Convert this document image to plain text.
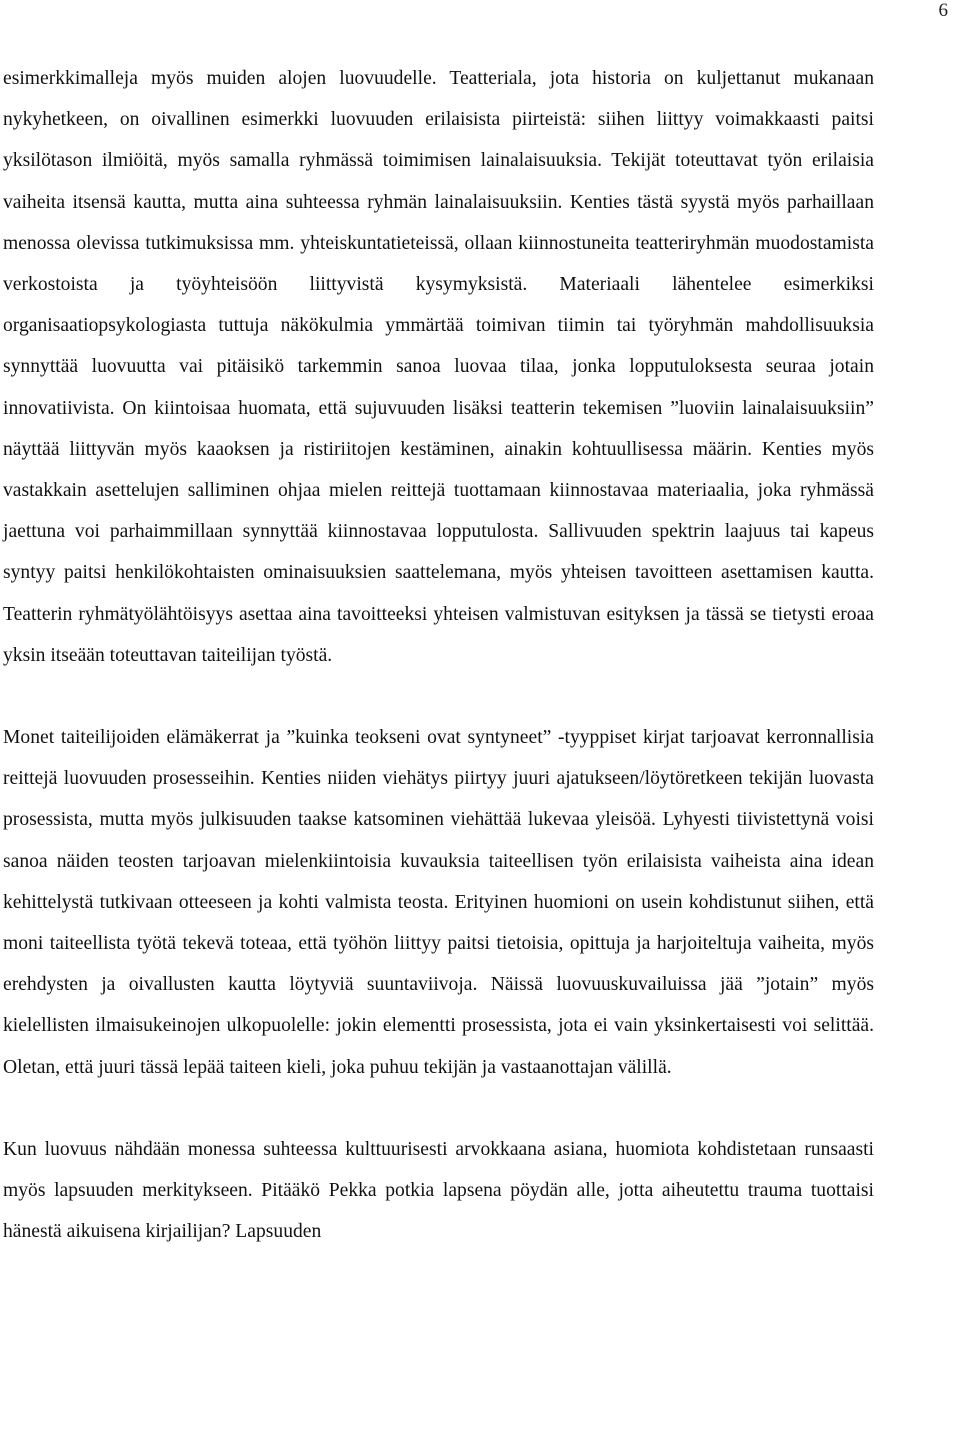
6

esimerkkimalleja myös muiden alojen luovuudelle. Teatteriala, jota historia on kuljettanut mukanaan nykyhetkeen, on oivallinen esimerkki luovuuden erilaisista piirteistä: siihen liittyy voimakkaasti paitsi yksilötason ilmiöitä, myös samalla ryhmässä toimimisen lainalaisuuksia. Tekijät toteuttavat työn erilaisia vaiheita itsensä kautta, mutta aina suhteessa ryhmän lainalaisuuksiin. Kenties tästä syystä myös parhaillaan menossa olevissa tutkimuksissa mm. yhteiskuntatieteissä, ollaan kiinnostuneita teatteriryhmän muodostamista verkostoista ja työyhteisöön liittyvistä kysymyksistä. Materiaali lähentelee esimerkiksi organisaatiopsykologiasta tuttuja näkökulmia ymmärtää toimivan tiimin tai työryhmän mahdollisuuksia synnyttää luovuutta vai pitäisikö tarkemmin sanoa luovaa tilaa, jonka lopputuloksesta seuraa jotain innovatiivista. On kiintoisaa huomata, että sujuvuuden lisäksi teatterin tekemisen ”luoviin lainalaisuuksiin” näyttää liittyvän myös kaaoksen ja ristiriitojen kestäminen, ainakin kohtuullisessa määrin. Kenties myös vastakkain asettelujen salliminen ohjaa mielen reittejä tuottamaan kiinnostavaa materiaalia, joka ryhmässä jaettuna voi parhaimmillaan synnyttää kiinnostavaa lopputulosta. Sallivuuden spektrin laajuus tai kapeus syntyy paitsi henkilökohtaisten ominaisuuksien saattelemana, myös yhteisen tavoitteen asettamisen kautta. Teatterin ryhmätyölähtöisyys asettaa aina tavoitteeksi yhteisen valmistuvan esityksen ja tässä se tietysti eroaa yksin itseään toteuttavan taiteilijan työstä.

Monet taiteilijoiden elämäkerrat ja ”kuinka teokseni ovat syntyneet” -tyyppiset kirjat tarjoavat kerronnallisia reittejä luovuuden prosesseihin. Kenties niiden viehätys piirtyy juuri ajatukseen/löytöretkeen tekijän luovasta prosessista, mutta myös julkisuuden taakse katsominen viehättää lukevaa yleisöä. Lyhyesti tiivistettynä voisi sanoa näiden teosten tarjoavan mielenkiintoisia kuvauksia taiteellisen työn erilaisista vaiheista aina idean kehittelystä tutkivaan otteeseen ja kohti valmista teosta. Erityinen huomioni on usein kohdistunut siihen, että moni taiteellista työtä tekevä toteaa, että työhön liittyy paitsi tietoisia, opittuja ja harjoiteltuja vaiheita, myös erehdysten ja oivallusten kautta löytyviä suuntaviivoja. Näissä luovuuskuvailuissa jää ”jotain” myös kielellisten ilmaisukeinojen ulkopuolelle: jokin elementti prosessista, jota ei vain yksinkertaisesti voi selittää. Oletan, että juuri tässä lepää taiteen kieli, joka puhuu tekijän ja vastaanottajan välillä.

Kun luovuus nähdään monessa suhteessa kulttuurisesti arvokkaana asiana, huomiota kohdistetaan runsaasti myös lapsuuden merkitykseen. Pitääkö Pekka potkia lapsena pöydän alle, jotta aiheutettu trauma tuottaisi hänestä aikuisena kirjailijan? Lapsuuden
